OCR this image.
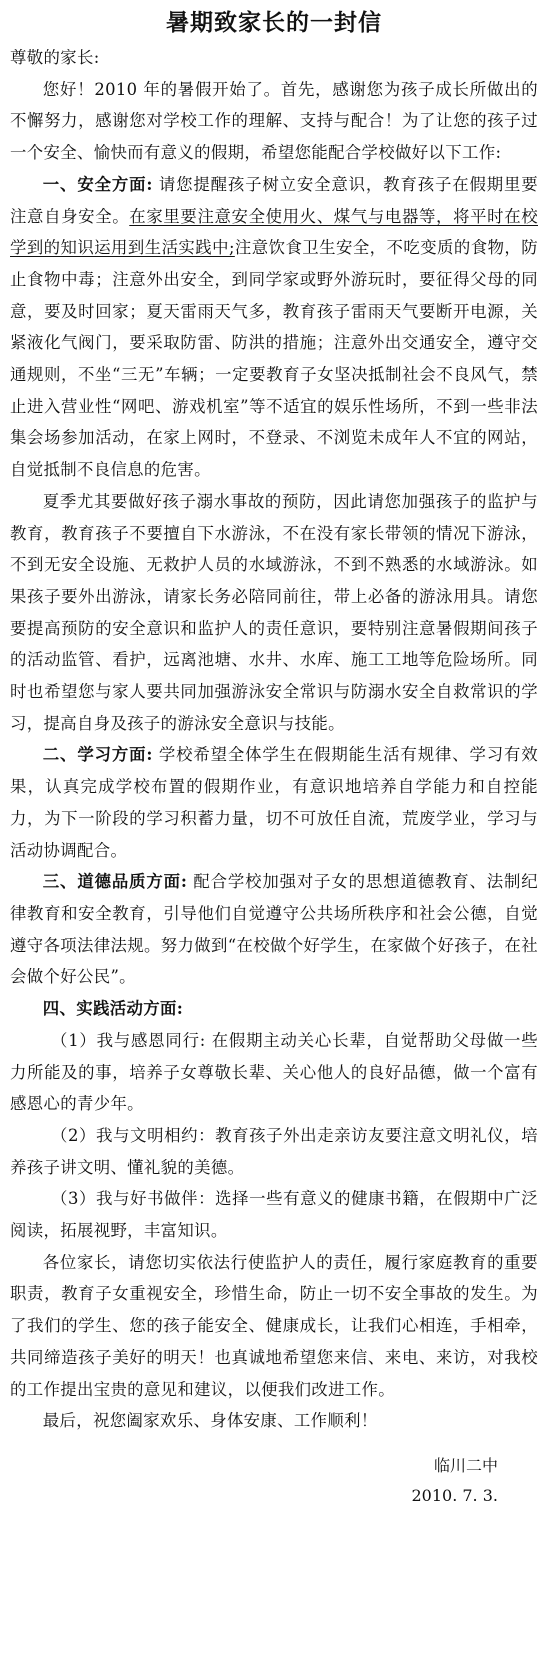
暑期致家长的一封信

尊敬的家长:

您好！2010 年的暑假开始了。首先，感谢您为孩子成长所做出的不懈努力，感谢您对学校工作的理解、支持与配合！为了让您的孩子过一个安全、愉快而有意义的假期，希望您能配合学校做好以下工作:

一、安全方面: 请您提醒孩子树立安全意识，教育孩子在假期里要注意自身安全。在家里要注意安全使用火、煤气与电器等，将平时在校学到的知识运用到生活实践中;注意饮食卫生安全，不吃变质的食物，防止食物中毒；注意外出安全，到同学家或野外游玩时，要征得父母的同意，要及时回家；夏天雷雨天气多，教育孩子雷雨天气要断开电源，关紧液化气阀门，要采取防雷、防洪的措施；注意外出交通安全，遵守交通规则，不坐“三无”车辆；一定要教育子女坚决抵制社会不良风气，禁止进入营业性“网吧、游戏机室”等不适宜的娱乐性场所，不到一些非法集会场参加活动，在家上网时，不登录、不浏览未成年人不宜的网站，自觉抵制不良信息的危害。

夏季尤其要做好孩子溺水事故的预防，因此请您加强孩子的监护与教育，教育孩子不要擅自下水游泳，不在没有家长带领的情况下游泳，不到无安全设施、无救护人员的水域游泳，不到不熟悉的水域游泳。如果孩子要外出游泳，请家长务必陪同前往，带上必备的游泳用具。请您要提高预防的安全意识和监护人的责任意识，要特别注意暑假期间孩子的活动监管、看护，远离池塘、水井、水库、施工工地等危险场所。同时也希望您与家人要共同加强游泳安全常识与防溺水安全自救常识的学习，提高自身及孩子的游泳安全意识与技能。

二、学习方面: 学校希望全体学生在假期能生活有规律、学习有效果，认真完成学校布置的假期作业，有意识地培养自学能力和自控能力，为下一阶段的学习积蓄力量，切不可放任自流，荒废学业，学习与活动协调配合。

三、道德品质方面: 配合学校加强对子女的思想道德教育、法制纪律教育和安全教育，引导他们自觉遵守公共场所秩序和社会公德，自觉遵守各项法律法规。努力做到“在校做个好学生，在家做个好孩子，在社会做个好公民”。

四、实践活动方面:

（1）我与感恩同行: 在假期主动关心长辈，自觉帮助父母做一些力所能及的事，培养子女尊敬长辈、关心他人的良好品德，做一个富有感恩心的青少年。

（2）我与文明相约：教育孩子外出走亲访友要注意文明礼仪，培养孩子讲文明、懂礼貌的美德。

（3）我与好书做伴：选择一些有意义的健康书籍，在假期中广泛阅读，拓展视野，丰富知识。

各位家长，请您切实依法行使监护人的责任，履行家庭教育的重要职责，教育子女重视安全，珍惜生命，防止一切不安全事故的发生。为了我们的学生、您的孩子能安全、健康成长，让我们心相连，手相牵，共同缔造孩子美好的明天！也真诚地希望您来信、来电、来访，对我校的工作提出宝贵的意见和建议，以便我们改进工作。

最后，祝您阖家欢乐、身体安康、工作顺利！

临川二中
2010. 7. 3.
